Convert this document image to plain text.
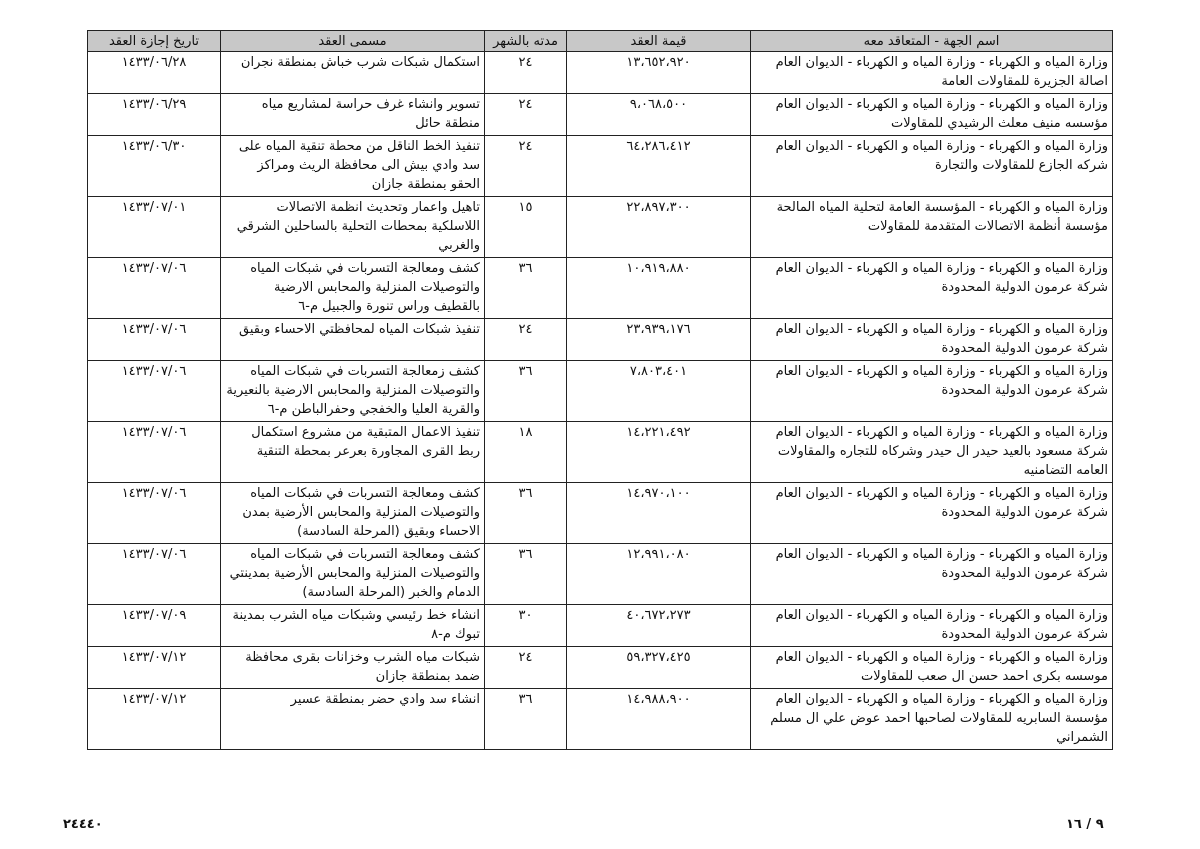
اسم الجهة - المتعاقد معه	قيمة العقد	مدته بالشهر	مسمى العقد	تاريخ إجازة العقد

وزارة المياه و الكهرباء - وزارة المياه و الكهرباء - الديوان العام
اصالة الجزيرة للمقاولات العامة	١٣،٦٥٢،٩٢٠	٢٤	استكمال شبكات شرب خباش بمنطقة نجران	١٤٣٣/٠٦/٢٨

وزارة المياه و الكهرباء - وزارة المياه و الكهرباء - الديوان العام
مؤسسه منيف معلث الرشيدي للمقاولات	٩،٠٦٨،٥٠٠	٢٤	تسوير وانشاء غرف حراسة لمشاريع مياه منطقة حائل	١٤٣٣/٠٦/٢٩

وزارة المياه و الكهرباء - وزارة المياه و الكهرباء - الديوان العام
شركه الجازع للمقاولات والتجارة	٦٤،٢٨٦،٤١٢	٢٤	تنفيذ الخط الناقل من محطة تنقية المياه على سد وادي بيش الى محافظة الريث ومراكز الحقو بمنطقة جازان	١٤٣٣/٠٦/٣٠

وزارة المياه و الكهرباء - المؤسسة العامة لتحلية المياه المالحة
مؤسسة أنظمة الاتصالات المتقدمة للمقاولات	٢٢،٨٩٧،٣٠٠	١٥	تاهيل واعمار وتحديث انظمة الاتصالات اللاسلكية بمحطات التحلية بالساحلين الشرقي والغربي	١٤٣٣/٠٧/٠١

وزارة المياه و الكهرباء - وزارة المياه و الكهرباء - الديوان العام
شركة عرمون الدولية المحدودة	١٠،٩١٩،٨٨٠	٣٦	كشف ومعالجة التسربات في شبكات المياه والتوصيلات المنزلية والمحابس الارضية بالقطيف وراس تنورة والجبيل م-٦	١٤٣٣/٠٧/٠٦

وزارة المياه و الكهرباء - وزارة المياه و الكهرباء - الديوان العام
شركة عرمون الدولية المحدودة	٢٣،٩٣٩،١٧٦	٢٤	تنفيذ شبكات المياه لمحافظتي الاحساء وبقيق	١٤٣٣/٠٧/٠٦

وزارة المياه و الكهرباء - وزارة المياه و الكهرباء - الديوان العام
شركة عرمون الدولية المحدودة	٧،٨٠٣،٤٠١	٣٦	كشف زمعالجة التسربات في شبكات المياه والتوصيلات المنزلية والمحابس الارضية بالنعيرية والقرية العليا والخفجي وحفرالباطن م-٦	١٤٣٣/٠٧/٠٦

وزارة المياه و الكهرباء - وزارة المياه و الكهرباء - الديوان العام
شركة مسعود بالعيد حيدر ال حيدر وشركاه للتجاره والمقاولات العامه التضامنيه	١٤،٢٢١،٤٩٢	١٨	تنفيذ الاعمال المتبقية من مشروع استكمال ربط القرى المجاورة بعرعر بمحطة التنقية	١٤٣٣/٠٧/٠٦

وزارة المياه و الكهرباء - وزارة المياه و الكهرباء - الديوان العام
شركة عرمون الدولية المحدودة	١٤،٩٧٠،١٠٠	٣٦	كشف ومعالجة التسربات في شبكات المياه والتوصيلات المنزلية والمحابس الأرضية بمدن الاحساء وبقيق (المرحلة السادسة)	١٤٣٣/٠٧/٠٦

وزارة المياه و الكهرباء - وزارة المياه و الكهرباء - الديوان العام
شركة عرمون الدولية المحدودة	١٢،٩٩١،٠٨٠	٣٦	كشف ومعالجة التسربات في شبكات المياه والتوصيلات المنزلية والمحابس الأرضية بمدينتي الدمام والخبر (المرحلة السادسة)	١٤٣٣/٠٧/٠٦

وزارة المياه و الكهرباء - وزارة المياه و الكهرباء - الديوان العام
شركة عرمون الدولية المحدودة	٤٠،٦٧٢،٢٧٣	٣٠	انشاء خط رئيسي وشبكات مياه الشرب بمدينة تبوك م-٨	١٤٣٣/٠٧/٠٩

وزارة المياه و الكهرباء - وزارة المياه و الكهرباء - الديوان العام
موسسه بكرى احمد حسن ال صعب للمقاولات	٥٩،٣٢٧،٤٢٥	٢٤	شبكات مياه الشرب وخزانات بقرى محافظة ضمد بمنطقة جازان	١٤٣٣/٠٧/١٢

وزارة المياه و الكهرباء - وزارة المياه و الكهرباء - الديوان العام
مؤسسة السابريه للمقاولات لصاحبها احمد عوض علي ال مسلم الشمراني	١٤،٩٨٨،٩٠٠	٣٦	انشاء سد وادي حضر بمنطقة عسير	١٤٣٣/٠٧/١٢
٢٤٤٤٠	٩ / ١٦
